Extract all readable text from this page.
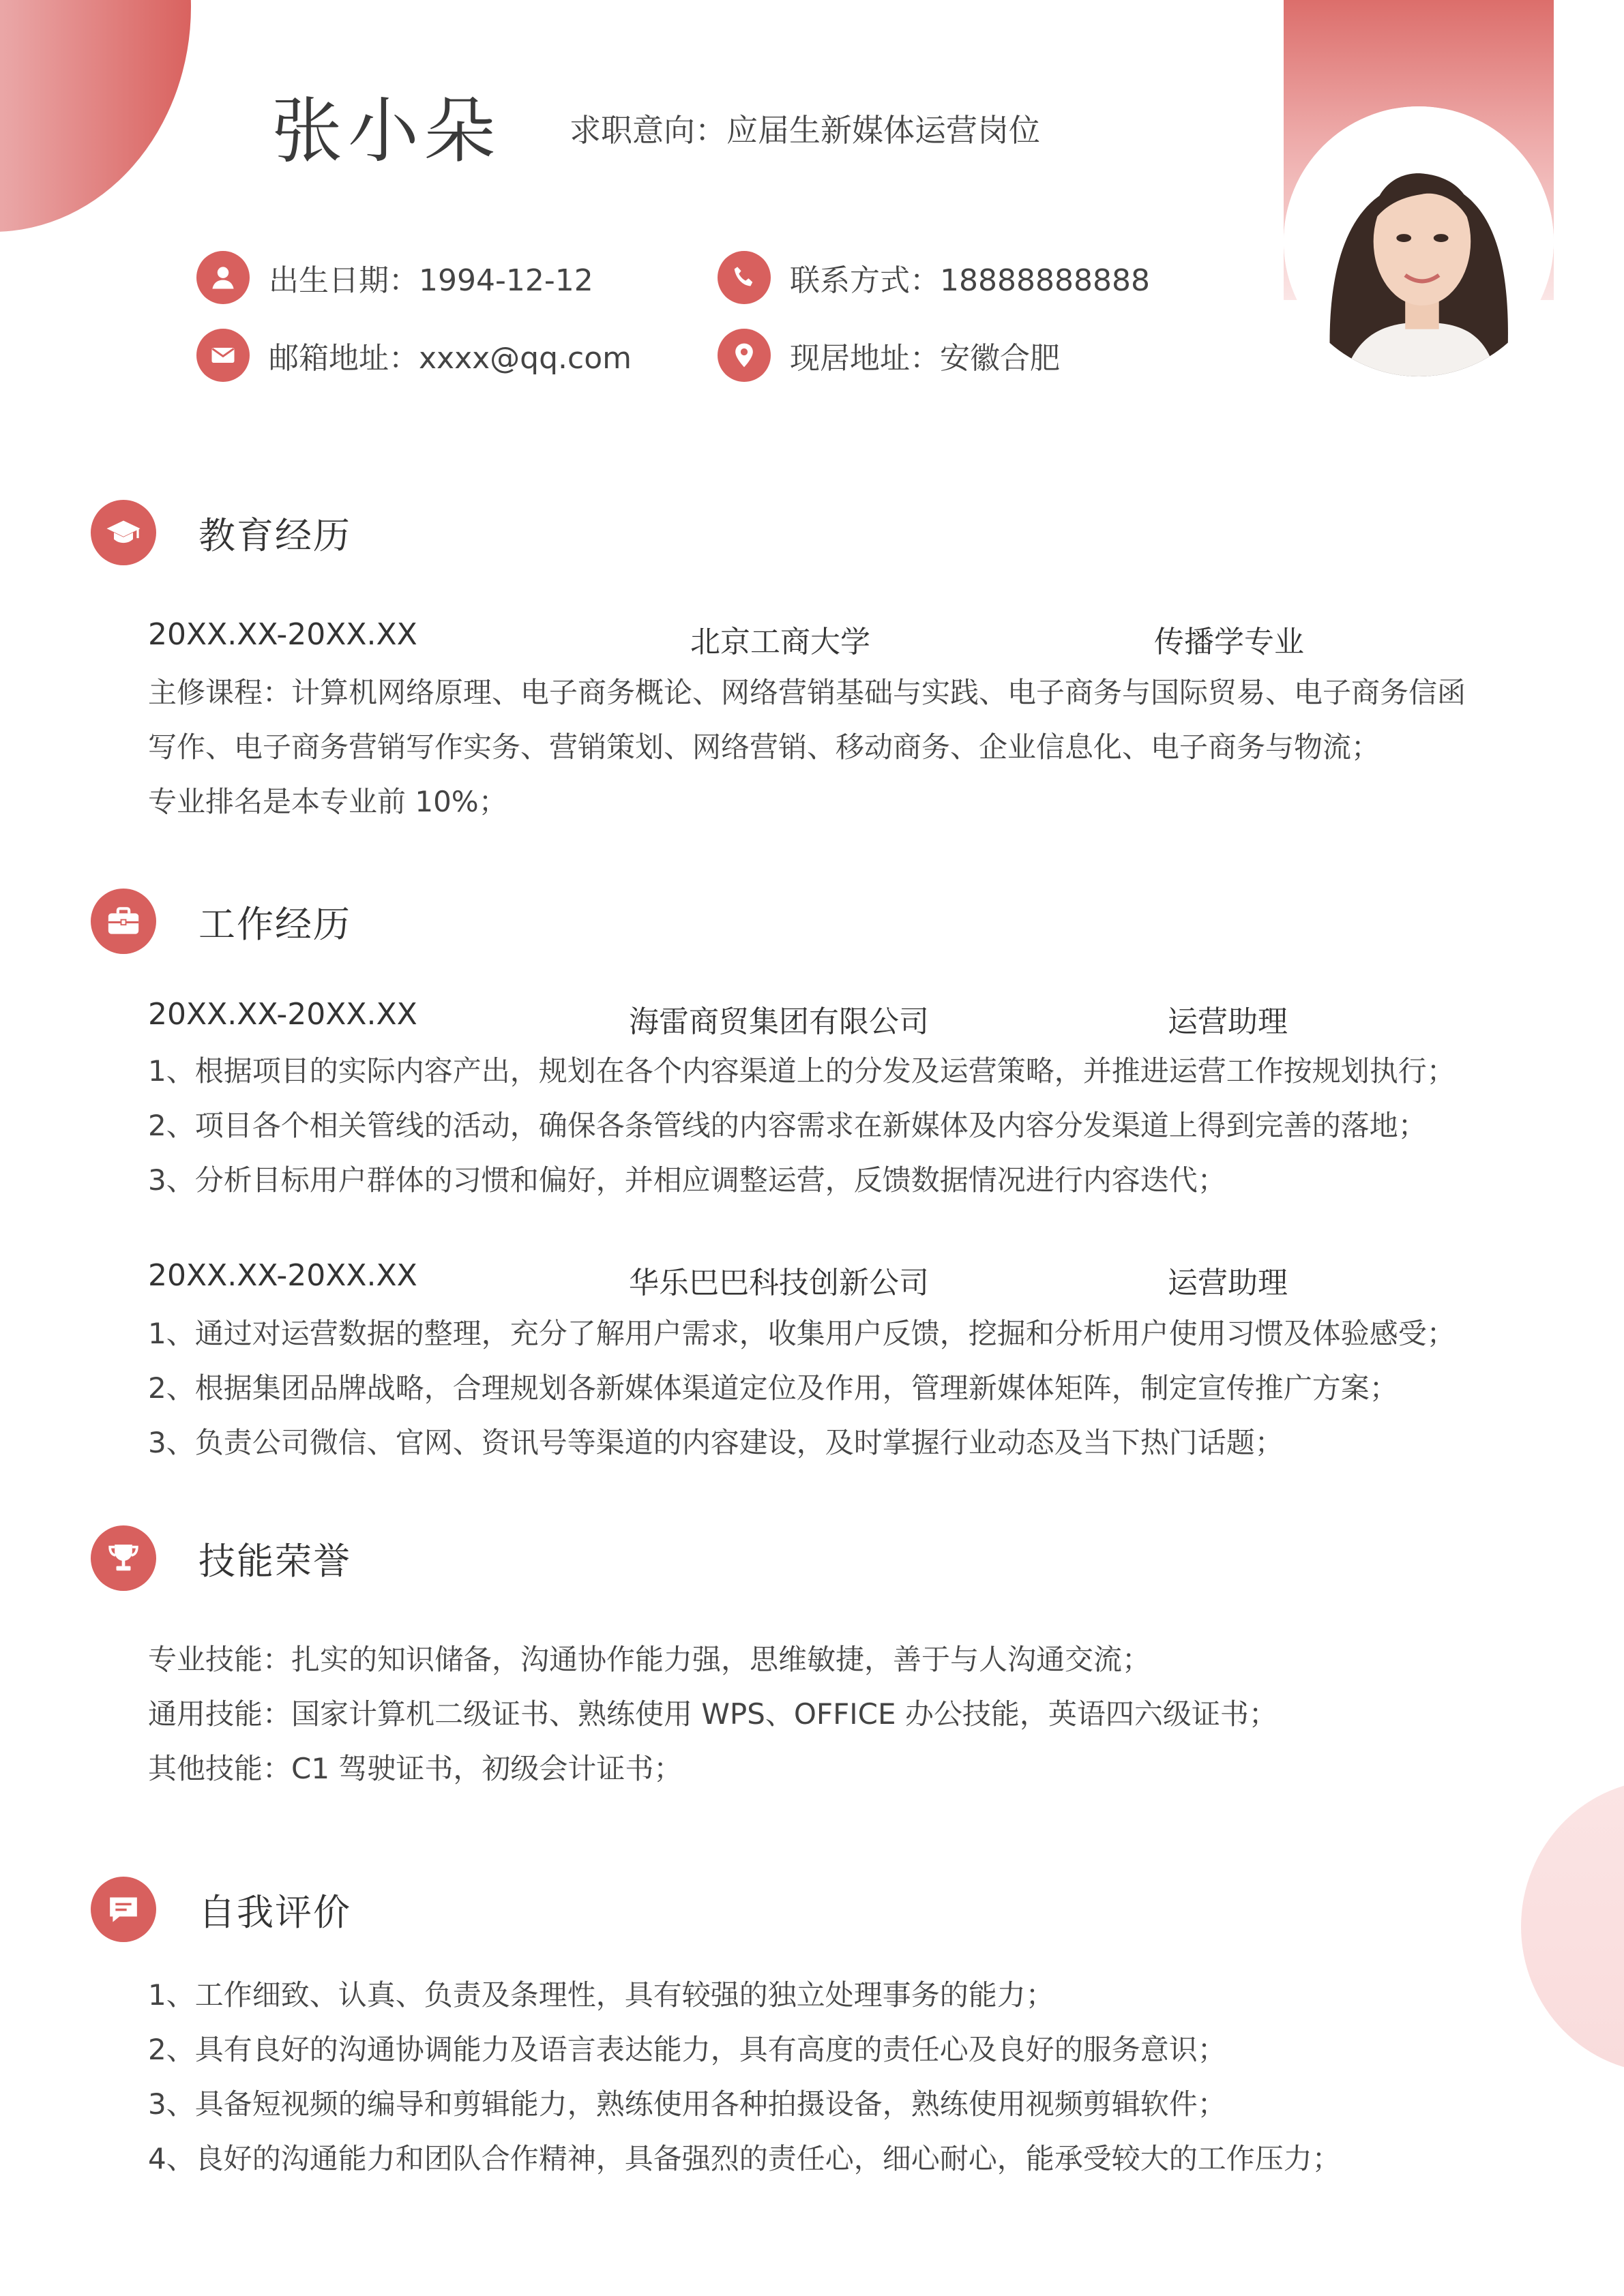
张小朵 求职意向：应届生新媒体运营岗位
出生日期：1994-12-12	联系方式：18888888888
邮箱地址：xxxx@qq.com	现居地址：安徽合肥
教育经历
20XX.XX-20XX.XX	北京工商大学	传播学专业
主修课程：计算机网络原理、电子商务概论、网络营销基础与实践、电子商务与国际贸易、电子商务信函
写作、电子商务营销写作实务、营销策划、网络营销、移动商务、企业信息化、电子商务与物流；
专业排名是本专业前 10%；
工作经历
20XX.XX-20XX.XX	海雷商贸集团有限公司	运营助理
1、根据项目的实际内容产出，规划在各个内容渠道上的分发及运营策略，并推进运营工作按规划执行；
2、项目各个相关管线的活动，确保各条管线的内容需求在新媒体及内容分发渠道上得到完善的落地；
3、分析目标用户群体的习惯和偏好，并相应调整运营，反馈数据情况进行内容迭代；
20XX.XX-20XX.XX	华乐巴巴科技创新公司	运营助理
1、通过对运营数据的整理，充分了解用户需求，收集用户反馈，挖掘和分析用户使用习惯及体验感受；
2、根据集团品牌战略，合理规划各新媒体渠道定位及作用，管理新媒体矩阵，制定宣传推广方案；
3、负责公司微信、官网、资讯号等渠道的内容建设，及时掌握行业动态及当下热门话题；
技能荣誉
专业技能：扎实的知识储备，沟通协作能力强，思维敏捷，善于与人沟通交流；
通用技能：国家计算机二级证书、熟练使用 WPS、OFFICE 办公技能，英语四六级证书；
其他技能：C1 驾驶证书，初级会计证书；
自我评价
1、工作细致、认真、负责及条理性，具有较强的独立处理事务的能力；
2、具有良好的沟通协调能力及语言表达能力，具有高度的责任心及良好的服务意识；
3、具备短视频的编导和剪辑能力，熟练使用各种拍摄设备，熟练使用视频剪辑软件；
4、良好的沟通能力和团队合作精神，具备强烈的责任心，细心耐心，能承受较大的工作压力；
